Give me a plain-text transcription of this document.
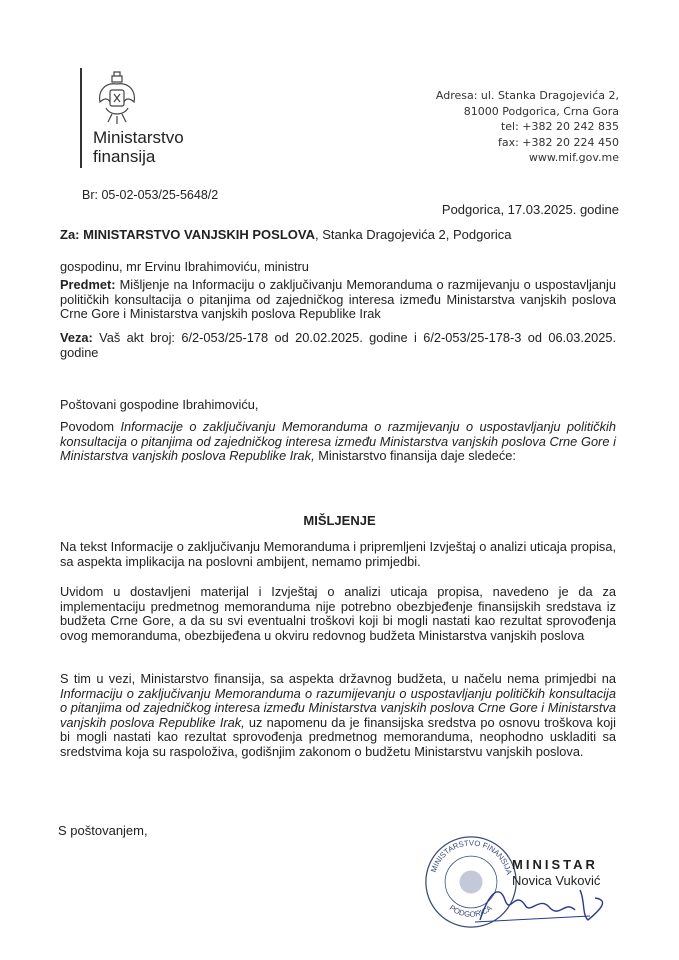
Ministarstvo
finansija
Adresa: ul. Stanka Dragojevića 2,
81000 Podgorica, Crna Gora
tel: +382 20 242 835
fax: +382 20 224 450
www.mif.gov.me
Br: 05-02-053/25-5648/2
Podgorica, 17.03.2025. godine
Za: MINISTARSTVO VANJSKIH POSLOVA, Stanka Dragojevića 2, Podgorica
gospodinu, mr Ervinu Ibrahimoviću, ministru
Predmet: Mišljenje na Informaciju o zaključivanju Memoranduma o razmijevanju o uspostavljanju političkih konsultacija o pitanjima od zajedničkog interesa između Ministarstva vanjskih poslova Crne Gore i Ministarstva vanjskih poslova Republike Irak
Veza: Vaš akt broj: 6/2-053/25-178 od 20.02.2025. godine i 6/2-053/25-178-3 od 06.03.2025. godine
Poštovani gospodine Ibrahimoviću,

Povodom Informacije o zaključivanju Memoranduma o razmijevanju o uspostavljanju političkih konsultacija o pitanjima od zajedničkog interesa između Ministarstva vanjskih poslova Crne Gore i Ministarstva vanjskih poslova Republike Irak, Ministarstvo finansija daje sledeće:

MIŠLJENJE

Na tekst Informacije o zaključivanju Memoranduma i pripremljeni Izvještaj o analizi uticaja propisa, sa aspekta implikacija na poslovni ambijent, nemamo primjedbi.

Uvidom u dostavljeni materijal i Izvještaj o analizi uticaja propisa, navedeno je da za implementaciju predmetnog memoranduma nije potrebno obezbjeđenje finansijskih sredstava iz budžeta Crne Gore, a da su svi eventualni troškovi koji bi mogli nastati kao rezultat sprovođenja ovog memoranduma, obezbijeđena u okviru redovnog budžeta Ministarstva vanjskih poslova

S tim u vezi, Ministarstvo finansija, sa aspekta državnog budžeta, u načelu nema primjedbi na Informaciju o zaključivanju Memoranduma o razumijevanju o uspostavljanju političkih konsultacija o pitanjima od zajedničkog interesa između Ministarstva vanjskih poslova Crne Gore i Ministarstva vanjskih poslova Republike Irak, uz napomenu da je finansijska sredstva po osnovu troškova koji bi mogli nastati kao rezultat sprovođenja predmetnog memoranduma, neophodno uskladiti sa sredstvima koja su raspoloživa, godišnjim zakonom o budžetu Ministarstvu vanjskih poslova.

S poštovanjem,
MINISTARSTVO FINANSIJA
PODGORICA
MINISTAR
Novica Vuković
